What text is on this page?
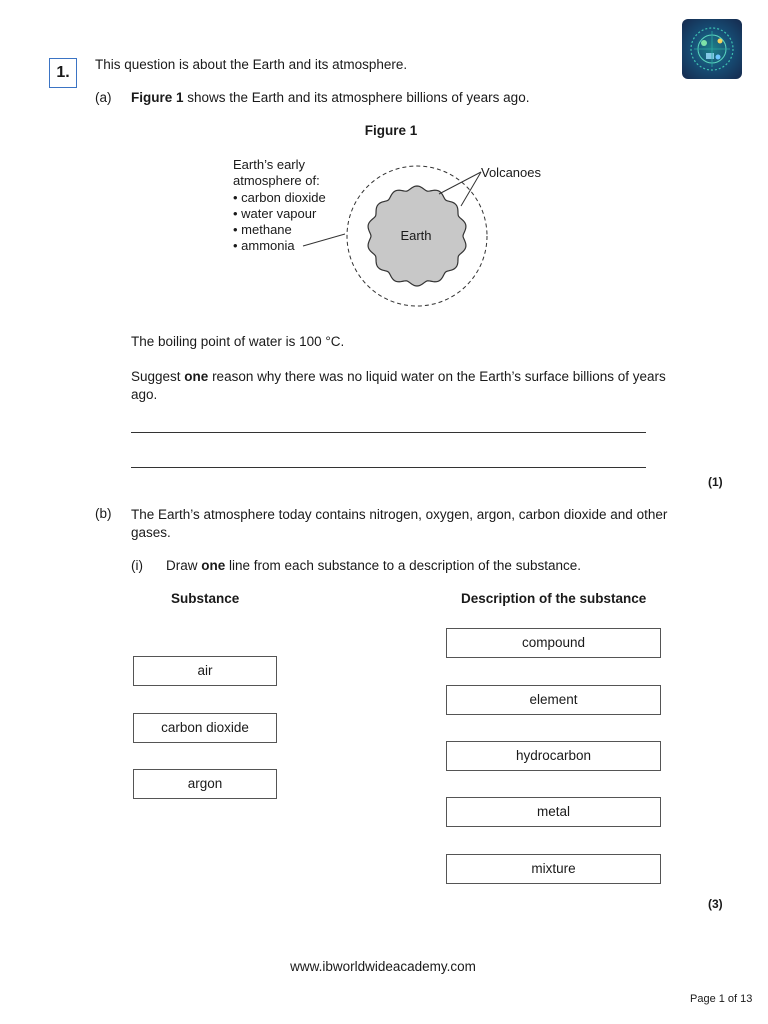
1.	This question is about the Earth and its atmosphere.
(a) Figure 1 shows the Earth and its atmosphere billions of years ago.
Figure 1
Earth’s early
atmosphere of:
• carbon dioxide
• water vapour
• methane
• ammonia
Earth
Volcanoes
The boiling point of water is 100 °C.
Suggest one reason why there was no liquid water on the Earth’s surface billions of years
ago.
(1)
(b) The Earth’s atmosphere today contains nitrogen, oxygen, argon, carbon dioxide and other
gases.
(i) Draw one line from each substance to a description of the substance.
Substance	Description of the substance
air
carbon dioxide
argon
compound
element
hydrocarbon
metal
mixture
(3)
www.ibworldwideacademy.com
Page 1 of 13
